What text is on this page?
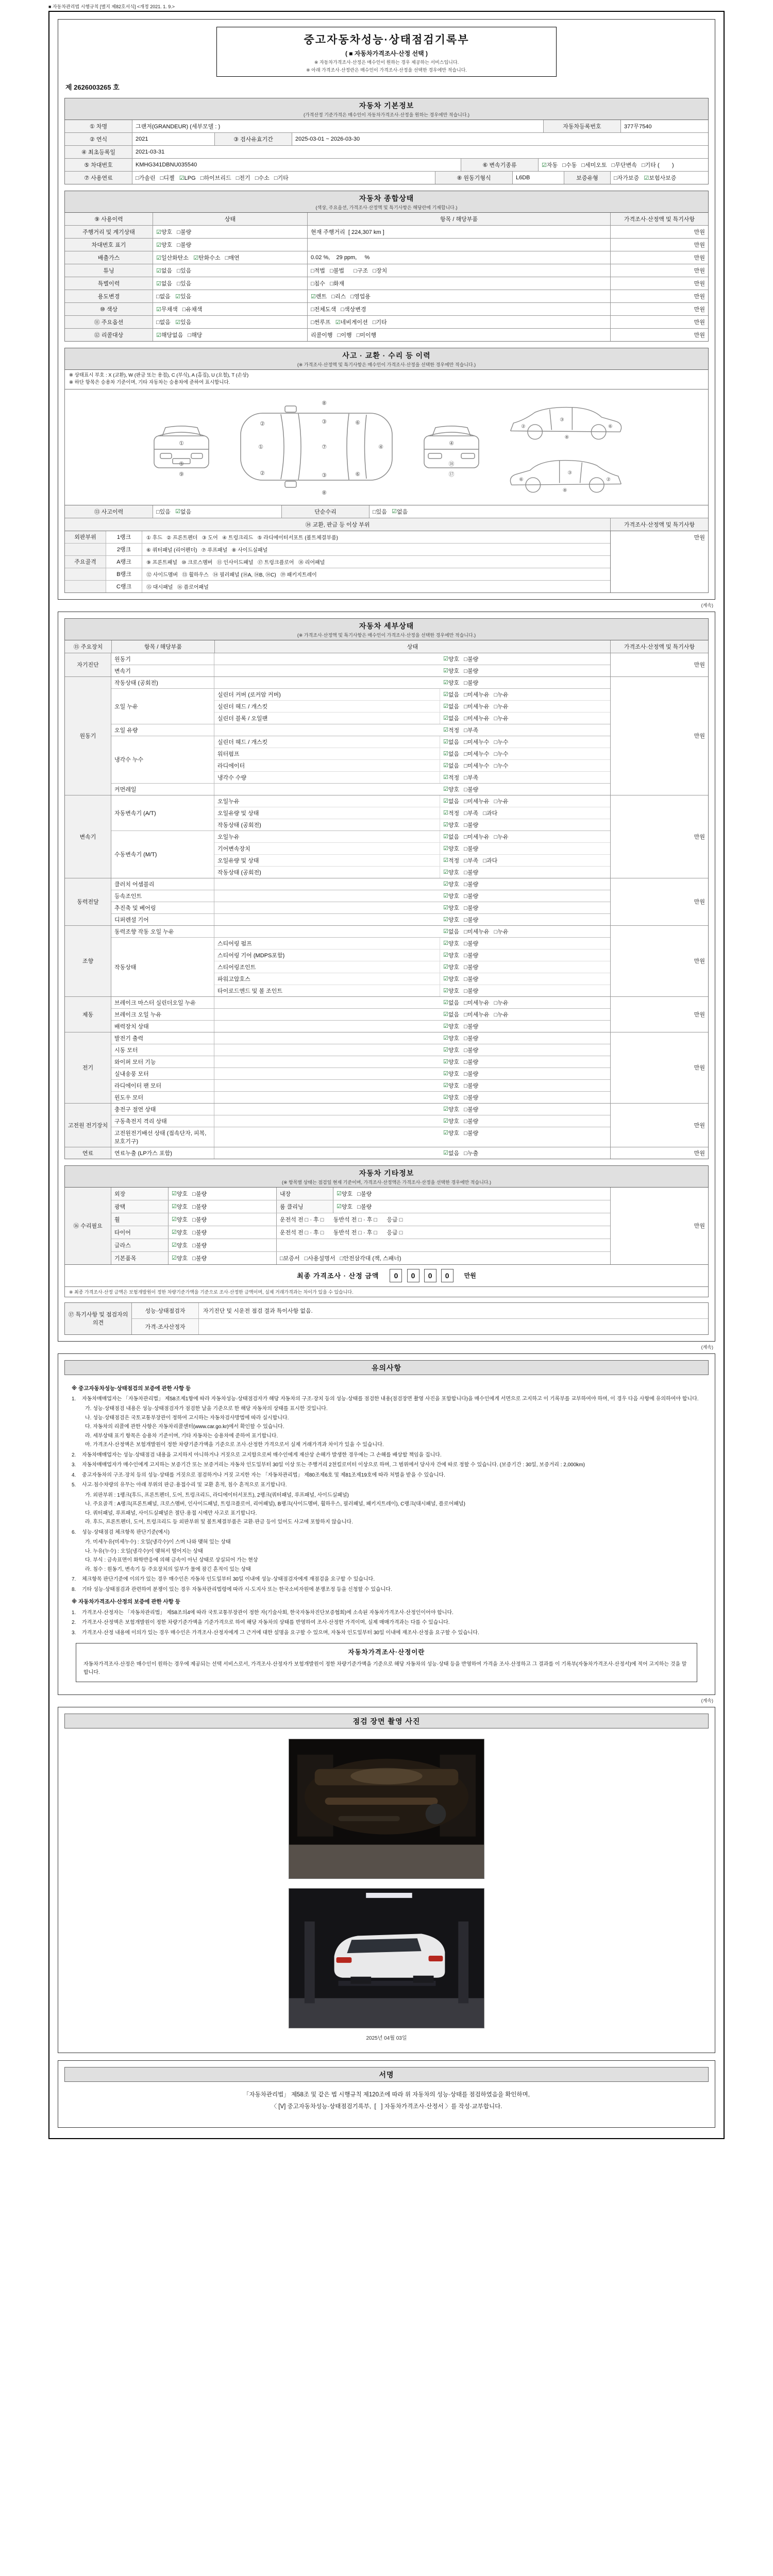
■ 자동차관리법 시행규칙 [별지 제82호서식] <개정 2021. 1. 9.>
중고자동차성능·상태점검기록부
( ■ 자동차가격조사·산정 선택 )
※ 자동차가격조사·산정은 매수인이 원하는 경우 제공하는 서비스입니다.
※ 아래 가격조사·산정란은 매수인이 가격조사·산정을 선택한 경우에만 적습니다.
제 2626003265 호
자동차 기본정보
(가격산정 기준가격은 매수인이 자동차가격조사·산정을 원하는 경우에만 적습니다.)
① 차명	그랜저(GRANDEUR) (세부모델 : )	자동차등록번호	377무7540
② 연식	2021	③ 검사유효기간	2025-03-01 ~ 2026-03-30
④ 최초등록일	2021-03-31
⑤ 차대번호	KMHG341DBNU035540	⑥ 변속기종류	☑ 자동   □수동   □세미오토   □무단변속   □기타 (        )
⑦ 사용연료	□가솔린   □디젤 ☑ LPG   □하이브리드   □전기   □수소   □기타	⑧ 원동기형식	L6DB	보증유형	□자가보증 ☑ 보험사보증
자동차 종합상태
(색상, 주요옵션, 가격조사·산정액 및 특기사항은 해당란에 기재합니다.)
⑨ 사용이력	상태	항목 / 해당부품	가격조사·산정액 및 특기사항
주행거리 및 계기상태	☑ 양호   □불량	현재 주행거리  [ 224,307 km ]	만원
차대번호 표기	☑ 양호   □불량	만원
배출가스	☑ 일산화탄소 ☑ 탄화수소   □매연	0.02 %,    29 ppm,     %	만원
튜닝	☑ 없음   □있음	□적법   □불법      □구조   □장치	만원
특별이력	☑ 없음   □있음	□침수   □화재	만원
용도변경	□없음 ☑ 있음	☑ 렌트   □리스   □영업용	만원
⑩ 색상	☑ 무채색   □유채색	□전체도색   □색상변경	만원
⑪ 주요옵션	□없음 ☑ 있음	□썬루프 ☑ 네비게이션   □기타	만원
⑫ 리콜대상	☑ 해당없음   □해당	리콜이행   □이행   □미이행	만원
사고 · 교환 · 수리 등 이력
(※ 가격조사·산정액 및 특기사항은 매수인이 가격조사·산정을 선택한 경우에만 적습니다.)
※ 상태표시 부호 : X (교환), W (판금 또는 용접), C (부식), A (흠집), U (요철), T (손상)
※ 하단 항목은 승용차 기준이며, 기타 자동차는 승용차에 준하여 표시합니다.
①
⑤
⑨
①	⑦	④
②
②
③
③
⑥
⑥
⑧
⑧
④
⑱
⑰
②
③
⑥
⑧
②
③
⑥
⑧
⑬ 사고이력	□있음 ☑ 없음	단순수리	□있음 ☑ 없음
⑭ 교환, 판금 등 이상 부위	가격조사·산정액 및 특기사항
외판부위	1랭크	① 후드   ② 프론트펜더   ③ 도어   ④ 트렁크리드   ⑤ 라디에이터서포트 (볼트체결부품)
2랭크	⑥ 쿼터패널 (리어펜더)   ⑦ 루프패널   ⑧ 사이드실패널
주요골격	A랭크	⑨ 프론트패널   ⑩ 크로스멤버   ⑪ 인사이드패널   ⑰ 트렁크플로어   ⑱ 리어패널
B랭크	⑫ 사이드멤버   ⑬ 휠하우스   ⑭ 필러패널 (⑭A, ⑭B, ⑭C)   ⑲ 패키지트레이
C랭크	⑮ 대시패널   ⑯ 플로어패널
만원
(계속)
자동차 세부상태
(※ 가격조사·산정액 및 특기사항은 매수인이 가격조사·산정을 선택한 경우에만 적습니다.)
⑮ 주요장치	항목 / 해당부품	상태	가격조사·산정액 및 특기사항
자기진단
원동기	☑ 양호   □불량
변속기	☑ 양호   □불량
만원
원동기
작동상태 (공회전)	☑ 양호   □불량
오일 누유
실린더 커버 (로커암 커버)	☑ 없음   □미세누유   □누유
실린더 헤드 / 개스킷	☑ 없음   □미세누유   □누유
실린더 블록 / 오일팬	☑ 없음   □미세누유   □누유
오일 유량	☑ 적정   □부족
냉각수 누수
실린더 헤드 / 개스킷	☑ 없음   □미세누수   □누수
워터펌프	☑ 없음   □미세누수   □누수
라디에이터	☑ 없음   □미세누수   □누수
냉각수 수량	☑ 적정   □부족
커먼레일	☑ 양호   □불량
만원
변속기
자동변속기 (A/T)
오일누유	☑ 없음   □미세누유   □누유
오일유량 및 상태	☑ 적정   □부족   □과다
작동상태 (공회전)	☑ 양호   □불량
수동변속기 (M/T)
오일누유	☑ 없음   □미세누유   □누유
기어변속장치	☑ 양호   □불량
오일유량 및 상태	☑ 적정   □부족   □과다
작동상태 (공회전)	☑ 양호   □불량
만원
동력전달
클러치 어셈블리	☑ 양호   □불량
등속조인트	☑ 양호   □불량
추진축 및 베어링	☑ 양호   □불량
디퍼렌셜 기어	☑ 양호   □불량
만원
조향
동력조향 작동 오일 누유	☑ 없음   □미세누유   □누유
작동상태
스티어링 펌프	☑ 양호   □불량
스티어링 기어 (MDPS포함)	☑ 양호   □불량
스티어링조인트	☑ 양호   □불량
파워고압호스	☑ 양호   □불량
타이로드엔드 및 볼 조인트	☑ 양호   □불량
만원
제동
브레이크 마스터 실린더오일 누유	☑ 없음   □미세누유   □누유
브레이크 오일 누유	☑ 없음   □미세누유   □누유
배력장치 상태	☑ 양호   □불량
만원
전기
발전기 출력	☑ 양호   □불량
시동 모터	☑ 양호   □불량
와이퍼 모터 기능	☑ 양호   □불량
실내송풍 모터	☑ 양호   □불량
라디에이터 팬 모터	☑ 양호   □불량
윈도우 모터	☑ 양호   □불량
만원
고전원 전기장치
충전구 절연 상태	☑ 양호   □불량
구동축전지 격리 상태	☑ 양호   □불량
고전원전기배선 상태 (접속단자, 피복, 보호기구)
☑ 양호   □불량
만원
연료	연료누출 (LP가스 포함)	☑ 없음   □누출	만원
자동차 기타정보
(※ 항목별 상태는 점검일 현재 기준이며, 가격조사·산정액은 가격조사·산정을 선택한 경우에만 적습니다.)
⑯ 수리필요
외장	☑ 양호   □불량	내장	☑ 양호   □불량
광택	☑ 양호   □불량	룸 클리닝	☑ 양호   □불량
휠	☑ 양호   □불량	운전석 전 □ · 후 □      동반석 전 □ · 후 □      응급 □
타이어	☑ 양호   □불량	운전석 전 □ · 후 □      동반석 전 □ · 후 □      응급 □
글라스	☑ 양호   □불량
기본품목	☑ 양호   □불량	□보증서   □사용설명서   □안전삼각대 (잭, 스패너)
만원
최종 가격조사 · 산정 금액	0 0 0 0	만원
※ 최종 가격조사·산정 금액은 보험개발원이 정한 차량기준가액을 기준으로 조사·산정한 금액이며, 실제 거래가격과는 차이가 있을 수 있습니다.
⑰ 특기사항 및 점검자의 의견
성능·상태점검자	자기진단 및 시운전 점검 결과 특이사항 없음.
가격·조사산정자
(계속)
유의사항
※ 중고자동차성능·상태점검의 보증에 관한 사항 등
1.	자동차매매업자는 「자동차관리법」 제58조제1항에 따라 자동차성능·상태점검자가 해당 자동차의 구조·장치 등의 성능·상태를 점검한 내용(점검장면 촬영 사진을 포함합니다)을 매수인에게 서면으로 고지하고 이 기록부를 교부하여야 하며, 이 경우 다음 사항에 유의하여야 합니다.
가. 성능·상태점검 내용은 성능·상태점검자가 점검한 날을 기준으로 한 해당 자동차의 상태를 표시한 것입니다.
나. 성능·상태점검은 국토교통부장관이 정하여 고시하는 자동차검사방법에 따라 실시합니다.
다. 자동차의 리콜에 관한 사항은 자동차리콜센터(www.car.go.kr)에서 확인할 수 있습니다.
라. 세부상태 표기 항목은 승용차 기준이며, 기타 자동차는 승용차에 준하여 표기합니다.
마. 가격조사·산정액은 보험개발원이 정한 차량기준가액을 기준으로 조사·산정한 가격으로서 실제 거래가격과 차이가 있을 수 있습니다.
2.	자동차매매업자는 성능·상태점검 내용을 고지하지 아니하거나 거짓으로 고지함으로써 매수인에게 재산상 손해가 발생한 경우에는 그 손해를 배상할 책임을 집니다.
3.	자동차매매업자가 매수인에게 고지하는 보증기간 또는 보증거리는 자동차 인도일부터 30일 이상 또는 주행거리 2천킬로미터 이상으로 하며, 그 범위에서 당사자 간에 따로 정할 수 있습니다. (보증기간 : 30일, 보증거리 : 2,000km)
4.	중고자동차의 구조·장치 등의 성능·상태를 거짓으로 점검하거나 거짓 고지한 자는 「자동차관리법」 제80조제6호 및 제81조제19호에 따라 처벌을 받을 수 있습니다.
5.	사고·침수차량의 유무는 아래 부위의 판금·용접수리 및 교환 흔적, 침수 흔적으로 표기합니다.
가. 외판부위 : 1랭크(후드, 프론트펜더, 도어, 트렁크리드, 라디에이터서포트), 2랭크(쿼터패널, 루프패널, 사이드실패널)
나. 주요골격 : A랭크(프론트패널, 크로스멤버, 인사이드패널, 트렁크플로어, 리어패널), B랭크(사이드멤버, 휠하우스, 필러패널, 패키지트레이), C랭크(대시패널, 플로어패널)
다. 쿼터패널, 루프패널, 사이드실패널은 절단·용접 시에만 사고로 표기합니다.
라. 후드, 프론트펜더, 도어, 트렁크리드 등 외판부위 및 볼트체결부품은 교환·판금 등이 있어도 사고에 포함하지 않습니다.
6.	성능·상태점검 체크항목 판단기준(예시)
가. 미세누유(미세누수) : 오일(냉각수)이 스며 나와 맺혀 있는 상태
나. 누유(누수) : 오일(냉각수)이 맺혀서 떨어지는 상태
다. 부식 : 금속표면이 화학반응에 의해 금속이 아닌 상태로 상실되어 가는 현상
라. 침수 : 원동기, 변속기 등 주요장치의 일부가 물에 잠긴 흔적이 있는 상태
7.	체크항목 판단기준에 이의가 있는 경우 매수인은 자동차 인도일부터 30일 이내에 성능·상태점검자에게 재점검을 요구할 수 있습니다.
8.	기타 성능·상태점검과 관련하여 분쟁이 있는 경우 자동차관리법령에 따라 시·도지사 또는 한국소비자원에 분쟁조정 등을 신청할 수 있습니다.
※ 자동차가격조사·산정의 보증에 관한 사항 등
1.	가격조사·산정자는 「자동차관리법」 제58조의4에 따라 국토교통부장관이 정한 자(기술사회, 한국자동차진단보증협회)에 소속된 자동차가격조사·산정인이어야 합니다.
2.	가격조사·산정액은 보험개발원이 정한 차량기준가액을 기준가격으로 하여 해당 자동차의 상태를 반영하여 조사·산정한 가격이며, 실제 매매가격과는 다를 수 있습니다.
3.	가격조사·산정 내용에 이의가 있는 경우 매수인은 가격조사·산정자에게 그 근거에 대한 설명을 요구할 수 있으며, 자동차 인도일부터 30일 이내에 재조사·산정을 요구할 수 있습니다.
자동차가격조사·산정이란
자동차가격조사·산정은 매수인이 원하는 경우에 제공되는 선택 서비스로서, 가격조사·산정자가 보험개발원이 정한 차량기준가액을 기준으로 해당 자동차의 성능·상태 등을 반영하여 가격을 조사·산정하고 그 결과를 이 기록부(자동차가격조사·산정서)에 적어 고지하는 것을 말합니다.
(계속)
점검 장면 촬영 사진
2025년 04월 03일
서명
「자동차관리법」 제58조 및 같은 법 시행규칙 제120조에 따라 위 자동차의 성능·상태를 점검하였음을 확인하며,
〈 [V] 중고자동차성능·상태점검기록부,  [   ] 자동차가격조사·산정서 〉를 작성·교부합니다.
